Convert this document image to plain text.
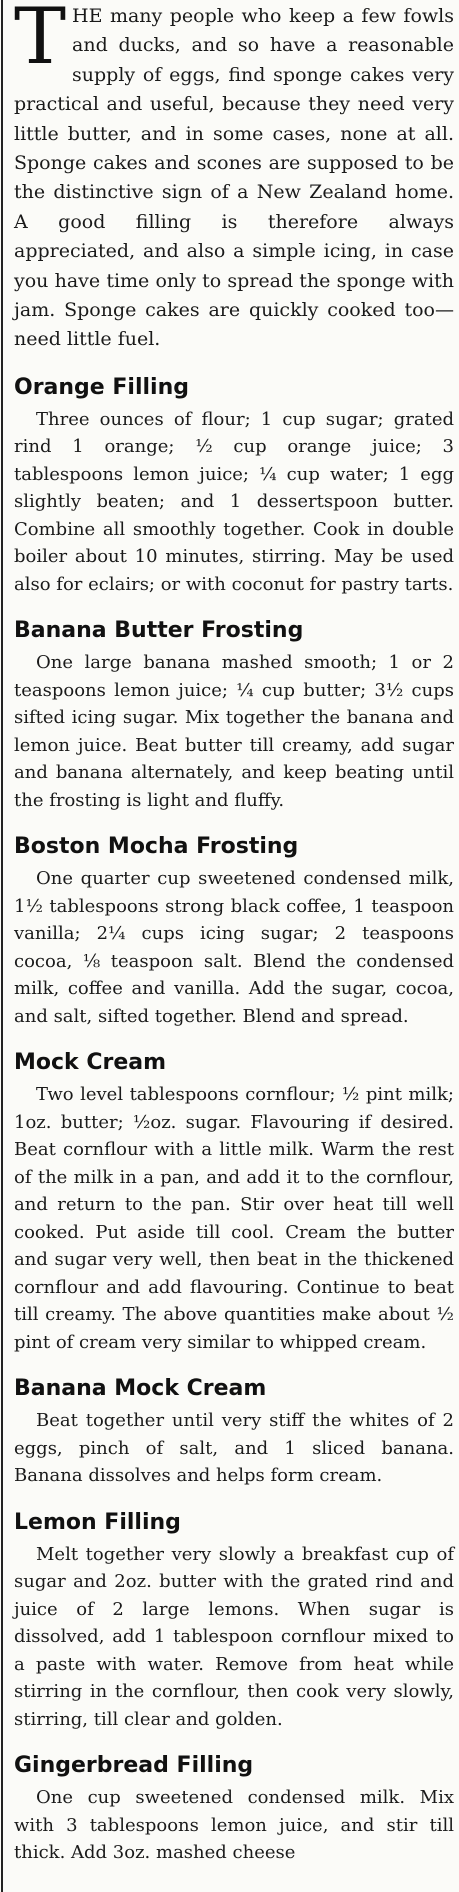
T HE many people who keep a few fowls and ducks, and so have a reasonable supply of eggs, find sponge cakes very practical and useful, because they need very little butter, and in some cases, none at all. Sponge cakes and scones are supposed to be the distinctive sign of a New Zealand home. A good filling is therefore always appreciated, and also a simple icing, in case you have time only to spread the sponge with jam. Sponge cakes are quickly cooked too—need little fuel.

Orange Filling

Three ounces of flour; 1 cup sugar; grated rind 1 orange; ½ cup orange juice; 3 tablespoons lemon juice; ¼ cup water; 1 egg slightly beaten; and 1 dessertspoon butter. Combine all smoothly together. Cook in double boiler about 10 minutes, stirring. May be used also for eclairs; or with coconut for pastry tarts.

Banana Butter Frosting

One large banana mashed smooth; 1 or 2 teaspoons lemon juice; ¼ cup butter; 3½ cups sifted icing sugar. Mix together the banana and lemon juice. Beat butter till creamy, add sugar and banana alternately, and keep beating until the frosting is light and fluffy.

Boston Mocha Frosting

One quarter cup sweetened condensed milk, 1½ tablespoons strong black coffee, 1 teaspoon vanilla; 2¼ cups icing sugar; 2 teaspoons cocoa, ⅛ teaspoon salt. Blend the condensed milk, coffee and vanilla. Add the sugar, cocoa, and salt, sifted together. Blend and spread.

Mock Cream

Two level tablespoons cornflour; ½ pint milk; 1oz. butter; ½oz. sugar. Flavouring if desired. Beat cornflour with a little milk. Warm the rest of the milk in a pan, and add it to the cornflour, and return to the pan. Stir over heat till well cooked. Put aside till cool. Cream the butter and sugar very well, then beat in the thickened cornflour and add flavouring. Continue to beat till creamy. The above quantities make about ½ pint of cream very similar to whipped cream.

Banana Mock Cream

Beat together until very stiff the whites of 2 eggs, pinch of salt, and 1 sliced banana. Banana dissolves and helps form cream.

Lemon Filling

Melt together very slowly a breakfast cup of sugar and 2oz. butter with the grated rind and juice of 2 large lemons. When sugar is dissolved, add 1 tablespoon cornflour mixed to a paste with water. Remove from heat while stirring in the cornflour, then cook very slowly, stirring, till clear and golden.

Gingerbread Filling

One cup sweetened condensed milk. Mix with 3 tablespoons lemon juice, and stir till thick. Add 3oz. mashed cheese
